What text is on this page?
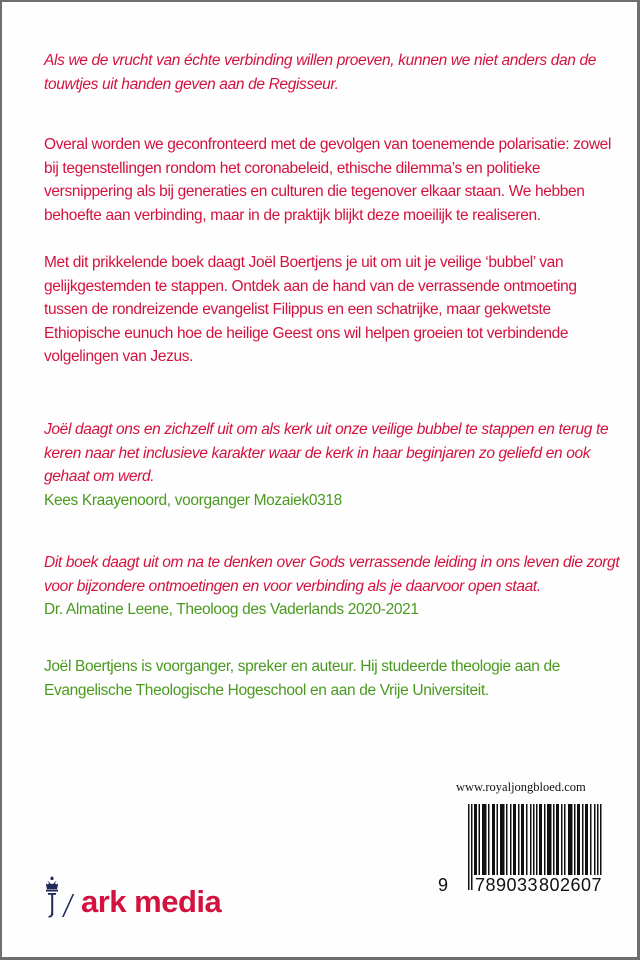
Als we de vrucht van échte verbinding willen proeven, kunnen we niet anders dan de touwtjes uit handen geven aan de Regisseur.

Overal worden we geconfronteerd met de gevolgen van toenemende polarisatie: zowel bij tegenstellingen rondom het coronabeleid, ethische dilemma’s en politieke versnippering als bij generaties en culturen die tegenover elkaar staan. We hebben behoefte aan verbinding, maar in de praktijk blijkt deze moeilijk te realiseren.

Met dit prikkelende boek daagt Joël Boertjens je uit om uit je veilige ‘bubbel’ van gelijkgestemden te stappen. Ontdek aan de hand van de verrassende ontmoeting tussen de rondreizende evangelist Filippus en een schatrijke, maar gekwetste Ethiopische eunuch hoe de heilige Geest ons wil helpen groeien tot verbindende volgelingen van Jezus.

Joël daagt ons en zichzelf uit om als kerk uit onze veilige bubbel te stappen en terug te keren naar het inclusieve karakter waar de kerk in haar beginjaren zo geliefd en ook gehaat om werd.

Kees Kraayenoord, voorganger Mozaiek0318

Dit boek daagt uit om na te denken over Gods verrassende leiding in ons leven die zorgt voor bijzondere ontmoetingen en voor verbinding als je daarvoor open staat.

Dr. Almatine Leene, Theoloog des Vaderlands 2020-2021

Joël Boertjens is voorganger, spreker en auteur. Hij studeerde theologie aan de Evangelische Theologische Hogeschool en aan de Vrije Universiteit.

ark media
www.royaljongbloed.com
9 789033 802607
